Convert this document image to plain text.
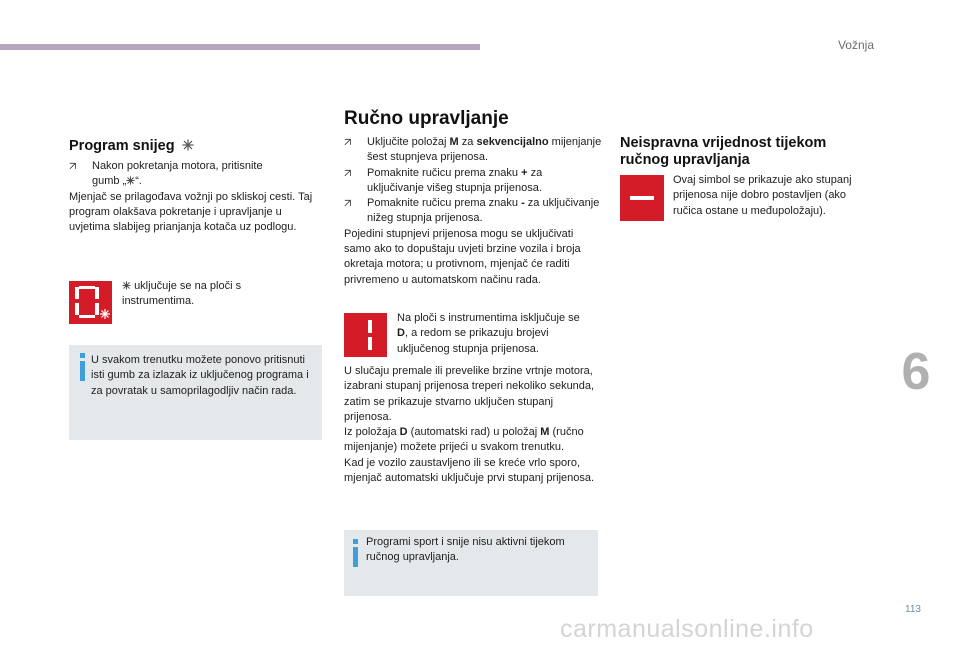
Vožnja
Program snijeg
Nakon pokretanja motora, pritisnite
gumb „ “.

Mjenjač se prilagođava vožnji po skliskoj cesti. Taj program olakšava pokretanje i upravljanje u uvjetima slabijeg prianjanja kotača uz podlogu.

uključuje se na ploči s instrumentima.
U svakom trenutku možete ponovo pritisnuti isti gumb za izlazak iz uključenog programa i za povratak u samoprilagodljiv način rada.
Ručno upravljanje
Uključite položaj M za sekvencijalno mijenjanje šest stupnjeva prijenosa.
Pomaknite ručicu prema znaku + za uključivanje višeg stupnja prijenosa.
Pomaknite ručicu prema znaku - za uključivanje nižeg stupnja prijenosa.

Pojedini stupnjevi prijenosa mogu se uključivati samo ako to dopuštaju uvjeti brzine vozila i broja okretaja motora; u protivnom, mjenjač će raditi privremeno u automatskom načinu rada.

Na ploči s instrumentima isključuje se D, a redom se prikazuju brojevi uključenog stupnja prijenosa.

U slučaju premale ili prevelike brzine vrtnje motora, izabrani stupanj prijenosa treperi nekoliko sekunda, zatim se prikazuje stvarno uključen stupanj prijenosa.

Iz položaja D (automatski rad) u položaj M (ručno mijenjanje) možete prijeći u svakom trenutku.

Kad je vozilo zaustavljeno ili se kreće vrlo sporo, mjenjač automatski uključuje prvi stupanj prijenosa.

Programi sport i snije nisu aktivni tijekom ručnog upravljanja.
Neispravna vrijednost tijekom ručnog upravljanja
Ovaj simbol se prikazuje ako stupanj prijenosa nije dobro postavljen (ako ručica ostane u međupoložaju).
6
113
carmanualsonline.info
